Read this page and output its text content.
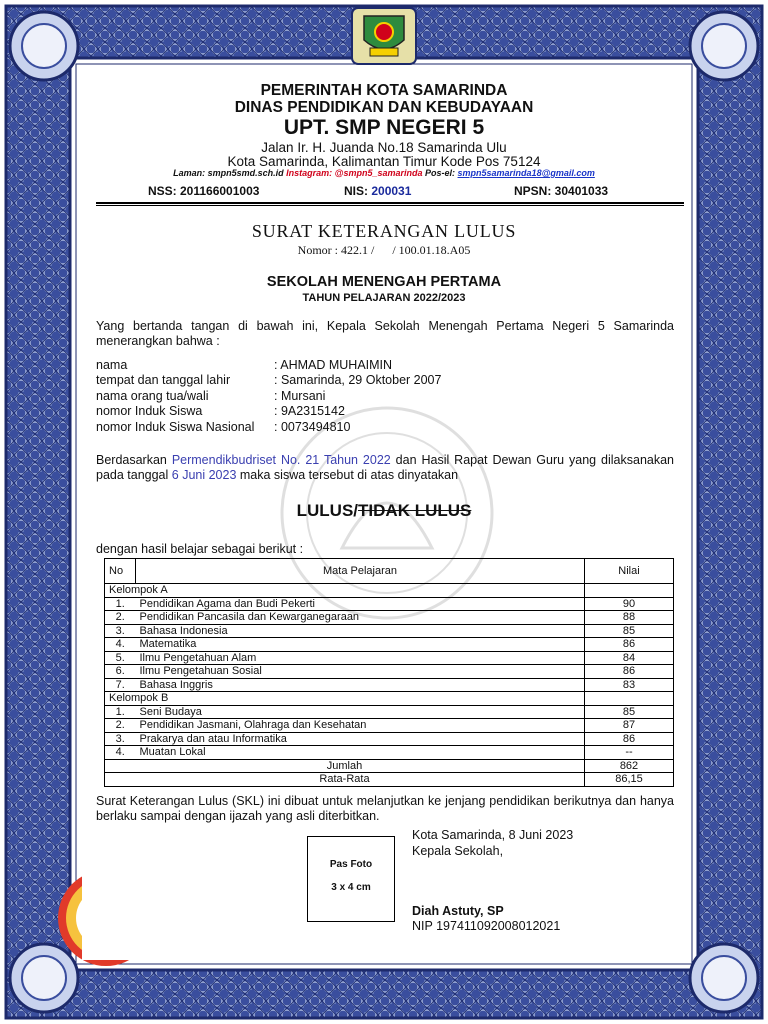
PEMERINTAH KOTA SAMARINDA
DINAS PENDIDIKAN DAN KEBUDAYAAN
UPT. SMP NEGERI 5
Jalan Ir. H. Juanda No.18 Samarinda Ulu
Kota Samarinda, Kalimantan Timur Kode Pos 75124
Laman: smpn5smd.sch.id Instagram: @smpn5_samarinda Pos-el: smpn5samarinda18@gmail.com
NSS: 201166001003	NIS: 200031	NPSN: 30401033
SURAT KETERANGAN LULUS
Nomor : 422.1 /      / 100.01.18.A05
SEKOLAH MENENGAH PERTAMA
TAHUN PELAJARAN 2022/2023
Yang bertanda tangan di bawah ini, Kepala Sekolah Menengah Pertama Negeri 5 Samarinda menerangkan bahwa :
nama	: AHMAD MUHAIMIN
tempat dan tanggal lahir	: Samarinda, 29 Oktober 2007
nama orang tua/wali	: Mursani
nomor Induk Siswa	: 9A2315142
nomor Induk Siswa Nasional : 0073494810
Berdasarkan Permendikbudriset No. 21 Tahun 2022 dan Hasil Rapat Dewan Guru yang dilaksanakan pada tanggal 6 Juni 2023 maka siswa tersebut di atas dinyatakan
LULUS/TIDAK LULUS
dengan hasil belajar sebagai berikut :
No	Mata Pelajaran	Nilai
Kelompok A		
1.	Pendidikan Agama dan Budi Pekerti	90
2.	Pendidikan Pancasila dan Kewarganegaraan	88
3.	Bahasa Indonesia	85
4.	Matematika	86
5.	Ilmu Pengetahuan Alam	84
6.	Ilmu Pengetahuan Sosial	86
7.	Bahasa Inggris	83
Kelompok B		
1.	Seni Budaya	85
2.	Pendidikan Jasmani, Olahraga dan Kesehatan	87
3.	Prakarya dan atau Informatika	86
4.	Muatan Lokal	--
Jumlah		862
Rata-Rata		86,15
Surat Keterangan Lulus (SKL) ini dibuat untuk melanjutkan ke jenjang pendidikan berikutnya dan hanya berlaku sampai dengan ijazah yang asli diterbitkan.
Pas Foto
3 x 4 cm
Kota Samarinda, 8 Juni 2023
Kepala Sekolah,
Diah Astuty, SP
NIP 197411092008012021
